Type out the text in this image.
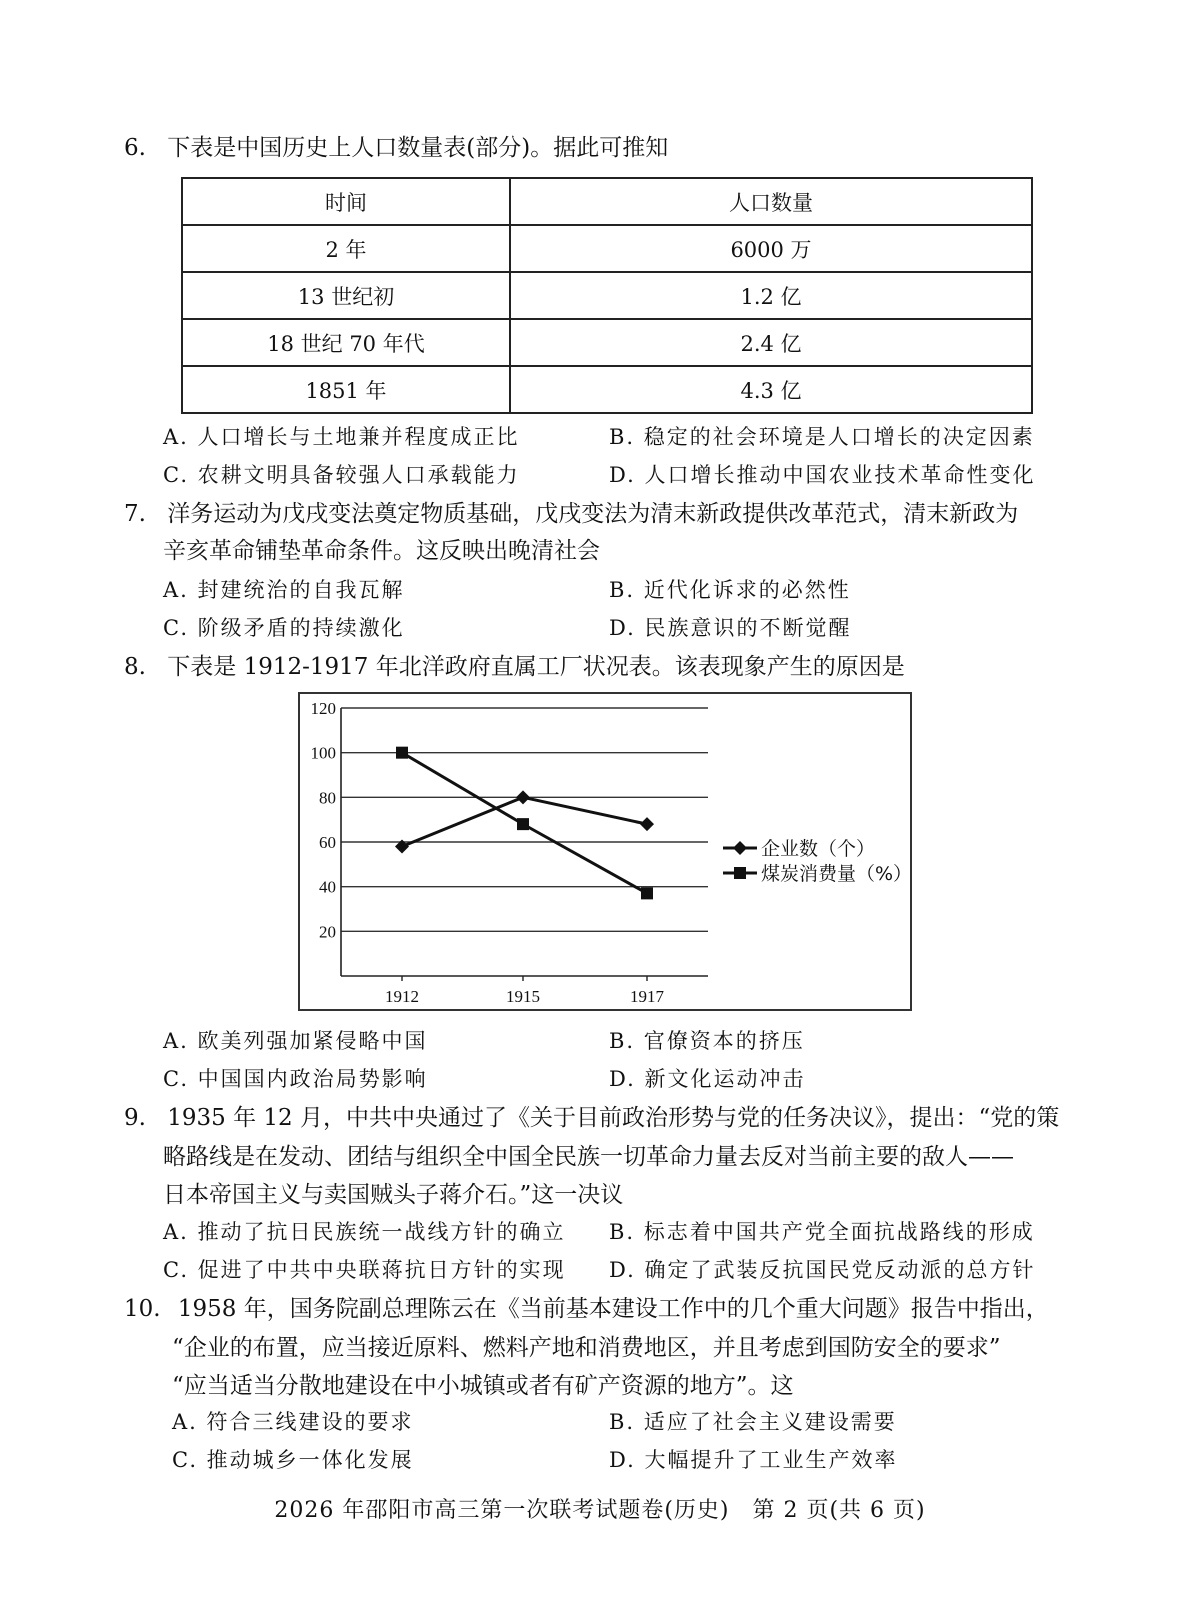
6. 下表是中国历史上人口数量表(部分)。据此可推知
时间	人口数量
2 年	6000 万
13 世纪初	1.2 亿
18 世纪 70 年代	2.4 亿
1851 年	4.3 亿
A. 人口增长与土地兼并程度成正比	B. 稳定的社会环境是人口增长的决定因素
C. 农耕文明具备较强人口承载能力	D. 人口增长推动中国农业技术革命性变化
7. 洋务运动为戊戌变法奠定物质基础，戊戌变法为清末新政提供改革范式，清末新政为
辛亥革命铺垫革命条件。这反映出晚清社会
A. 封建统治的自我瓦解	B. 近代化诉求的必然性
C. 阶级矛盾的持续激化	D. 民族意识的不断觉醒
8. 下表是 1912-1917 年北洋政府直属工厂状况表。该表现象产生的原因是
120
100
80
60
40
20
1912	1915	1917
企业数（个）
煤炭消费量（%）
A. 欧美列强加紧侵略中国	B. 官僚资本的挤压
C. 中国国内政治局势影响	D. 新文化运动冲击
9. 1935 年 12 月，中共中央通过了《关于目前政治形势与党的任务决议》，提出：“党的策
略路线是在发动、团结与组织全中国全民族一切革命力量去反对当前主要的敌人——
日本帝国主义与卖国贼头子蒋介石。”这一决议
A. 推动了抗日民族统一战线方针的确立 B. 标志着中国共产党全面抗战路线的形成
C. 促进了中共中央联蒋抗日方针的实现 D. 确定了武装反抗国民党反动派的总方针
10. 1958 年，国务院副总理陈云在《当前基本建设工作中的几个重大问题》报告中指出，
“企业的布置，应当接近原料、燃料产地和消费地区，并且考虑到国防安全的要求”
“应当适当分散地建设在中小城镇或者有矿产资源的地方”。这
A. 符合三线建设的要求	B. 适应了社会主义建设需要
C. 推动城乡一体化发展	D. 大幅提升了工业生产效率
2026 年邵阳市高三第一次联考试题卷(历史)　第 2 页(共 6 页)
